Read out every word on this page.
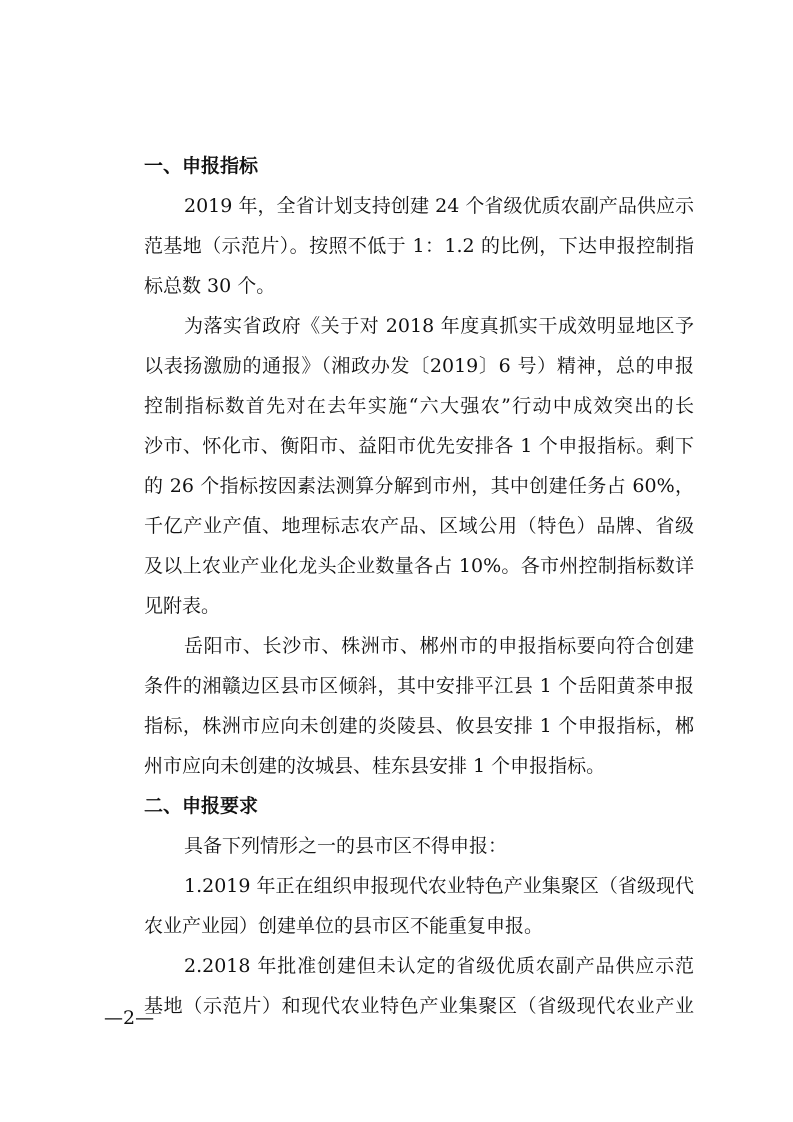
一、申报指标
2019 年，全省计划支持创建 24 个省级优质农副产品供应示
范基地（示范片）。按照不低于 1：1.2 的比例，下达申报控制指
标总数 30 个。
为落实省政府《关于对 2018 年度真抓实干成效明显地区予
以表扬激励的通报》（湘政办发〔2019〕6 号）精神，总的申报
控制指标数首先对在去年实施“六大强农”行动中成效突出的长
沙市、怀化市、衡阳市、益阳市优先安排各 1 个申报指标。剩下
的 26 个指标按因素法测算分解到市州，其中创建任务占 60%，
千亿产业产值、地理标志农产品、区域公用（特色）品牌、省级
及以上农业产业化龙头企业数量各占 10%。各市州控制指标数详
见附表。
岳阳市、长沙市、株洲市、郴州市的申报指标要向符合创建
条件的湘赣边区县市区倾斜，其中安排平江县 1 个岳阳黄茶申报
指标，株洲市应向未创建的炎陵县、攸县安排 1 个申报指标，郴
州市应向未创建的汝城县、桂东县安排 1 个申报指标。
二、申报要求
具备下列情形之一的县市区不得申报：
1.2019 年正在组织申报现代农业特色产业集聚区（省级现代
农业产业园）创建单位的县市区不能重复申报。
2.2018 年批准创建但未认定的省级优质农副产品供应示范
基地（示范片）和现代农业特色产业集聚区（省级现代农业产业
—2—
